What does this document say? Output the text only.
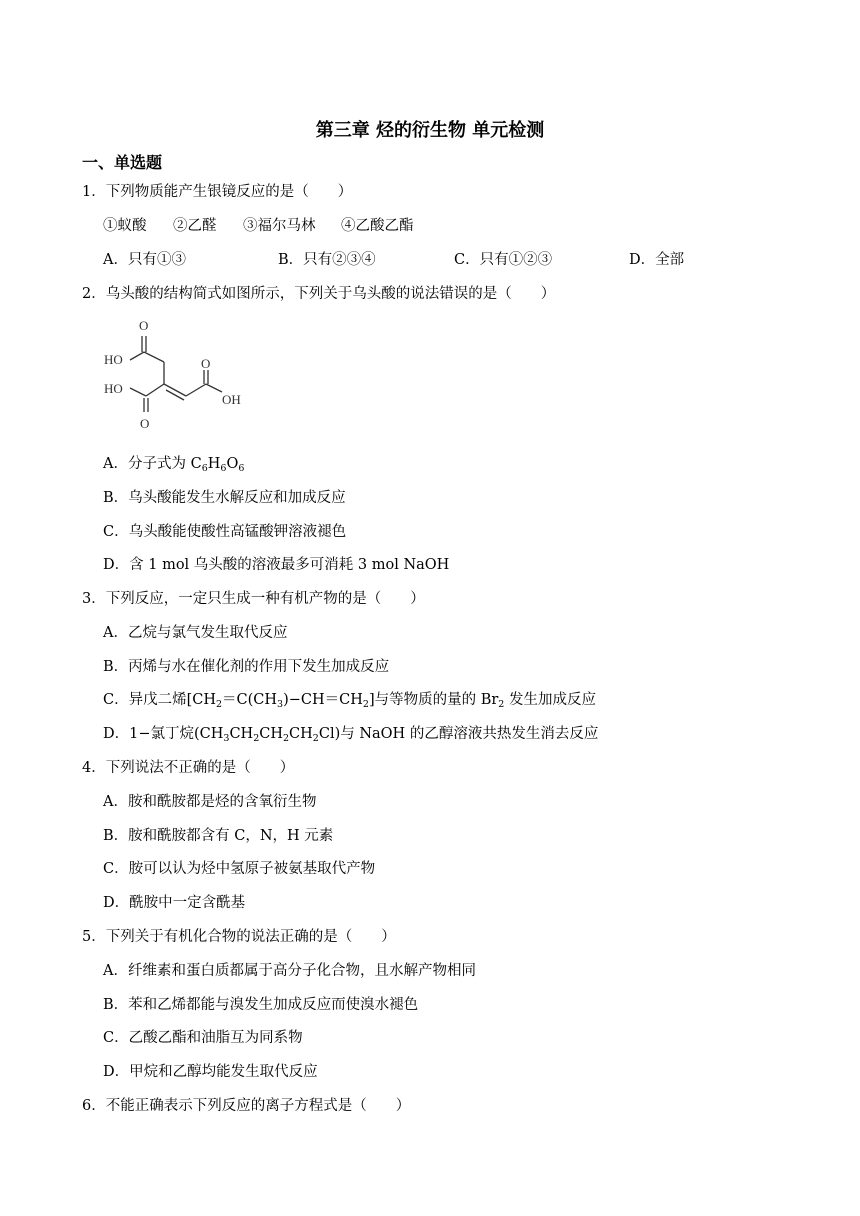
第三章 烃的衍生物 单元检测
一、单选题
1．下列物质能产生银镜反应的是（　　）
①蚁酸 ②乙醛 ③福尔马林 ④乙酸乙酯
A．只有①③	B．只有②③④	C．只有①②③	D．全部
2．乌头酸的结构简式如图所示，下列关于乌头酸的说法错误的是（　　）
O
HO
HO
O
OH
O
A．分子式为 $C_6H_6O_6$
B．乌头酸能发生水解反应和加成反应
C．乌头酸能使酸性高锰酸钾溶液褪色
D．含 1 mol 乌头酸的溶液最多可消耗 3 mol NaOH
3．下列反应，一定只生成一种有机产物的是（　　）
A．乙烷与氯气发生取代反应
B．丙烯与水在催化剂的作用下发生加成反应
C．异戊二烯$[CH_2=C(CH_3)-CH=CH_2]$与等物质的量的 $Br_2$ 发生加成反应
D．1−氯丁烷$(CH_3CH_2CH_2CH_2Cl)$与 NaOH 的乙醇溶液共热发生消去反应
4．下列说法不正确的是（　　）
A．胺和酰胺都是烃的含氧衍生物
B．胺和酰胺都含有 C，N，H 元素
C．胺可以认为烃中氢原子被氨基取代产物
D．酰胺中一定含酰基
5．下列关于有机化合物的说法正确的是（　　）
A．纤维素和蛋白质都属于高分子化合物，且水解产物相同
B．苯和乙烯都能与溴发生加成反应而使溴水褪色
C．乙酸乙酯和油脂互为同系物
D．甲烷和乙醇均能发生取代反应
6．不能正确表示下列反应的离子方程式是（　　）
